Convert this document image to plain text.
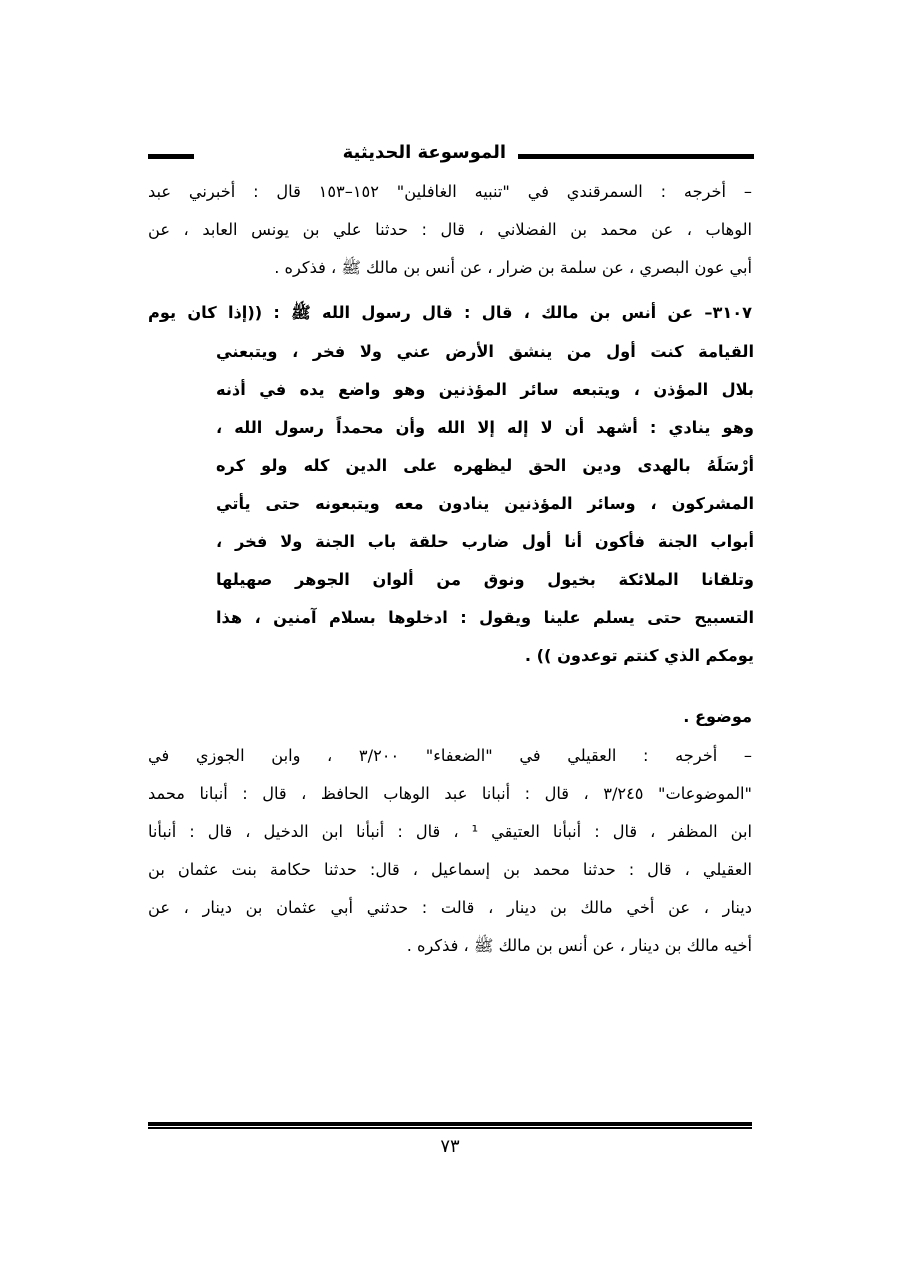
الموسوعة الحديثية
– أخرجه : السمرقندي في "تنبيه الغافلين" ١٥٢–١٥٣ قال : أخبرني عبد
الوهاب ، عن محمد بن الفضلاني ، قال : حدثنا علي بن يونس العابد ، عن
أبي عون البصري ، عن سلمة بن ضرار ، عن أنس بن مالك ﷺ ، فذكره .
٣١٠٧– عن أنس بن مالك ، قال : قال رسول الله ﷺ : ((إذا كان يوم
القيامة كنت أول من ينشق الأرض عني ولا فخر ، ويتبعني
بلال المؤذن ، ويتبعه سائر المؤذنين وهو واضع يده في أذنه
وهو ينادي : أشهد أن لا إله إلا الله وأن محمداً رسول الله ،
أرْسَلَهُ بالهدى ودين الحق ليظهره على الدين كله ولو كره
المشركون ، وسائر المؤذنين ينادون معه ويتبعونه حتى يأتي
أبواب الجنة فأكون أنا أول ضارب حلقة باب الجنة ولا فخر ،
وتلقانا الملائكة بخيول ونوق من ألوان الجوهر صهيلها
التسبيح حتى يسلم علينا ويقول : ادخلوها بسلام آمنين ، هذا
يومكم الذي كنتم توعدون )) .
موضوع .
– أخرجه : العقيلي في "الضعفاء" ٣/٢٠٠ ، وابن الجوزي في
"الموضوعات" ٣/٢٤٥ ، قال : أنبانا عبد الوهاب الحافظ ، قال : أنبانا محمد
ابن المظفر ، قال : أنبأنا العتيقي ¹ ، قال : أنبأنا ابن الدخيل ، قال : أنبأنا
العقيلي ، قال : حدثنا محمد بن إسماعيل ، قال: حدثنا حكامة بنت عثمان بن
دينار ، عن أخي مالك بن دينار ، قالت : حدثني أبي عثمان بن دينار ، عن
أخيه مالك بن دينار ، عن أنس بن مالك ﷺ ، فذكره .
٧٣
